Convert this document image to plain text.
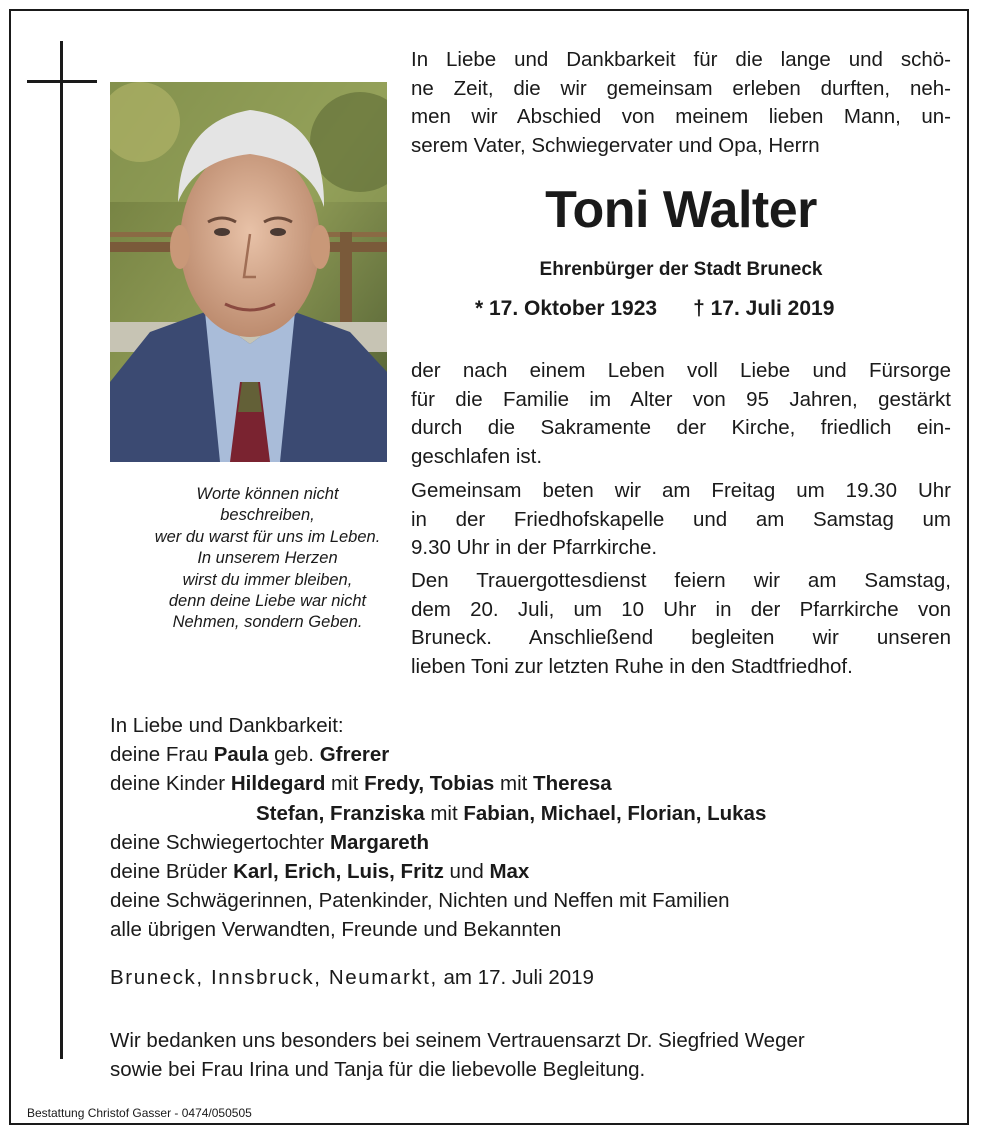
Worte können nicht
beschreiben,
wer du warst für uns im Leben.
In unserem Herzen
wirst du immer bleiben,
denn deine Liebe war nicht
Nehmen, sondern Geben.
In Liebe und Dankbarkeit für die lange und schö-
ne Zeit, die wir gemeinsam erleben durften, neh-
men wir Abschied von meinem lieben Mann, un-
serem Vater, Schwiegervater und Opa, Herrn
Toni Walter
Ehrenbürger der Stadt Bruneck
* 17. Oktober 1923 † 17. Juli 2019
der nach einem Leben voll Liebe und Fürsorge
für die Familie im Alter von 95 Jahren, gestärkt
durch die Sakramente der Kirche, friedlich ein-
geschlafen ist.
Gemeinsam beten wir am Freitag um 19.30 Uhr
in der Friedhofskapelle und am Samstag um
9.30 Uhr in der Pfarrkirche.
Den Trauergottesdienst feiern wir am Samstag,
dem 20. Juli, um 10 Uhr in der Pfarrkirche von
Bruneck. Anschließend begleiten wir unseren
lieben Toni zur letzten Ruhe in den Stadtfriedhof.
In Liebe und Dankbarkeit:
deine Frau Paula geb. Gfrerer
deine Kinder Hildegard mit Fredy, Tobias mit Theresa
Stefan, Franziska mit Fabian, Michael, Florian, Lukas
deine Schwiegertochter Margareth
deine Brüder Karl, Erich, Luis, Fritz und Max
deine Schwägerinnen, Patenkinder, Nichten und Neffen mit Familien
alle übrigen Verwandten, Freunde und Bekannten
Bruneck, Innsbruck, Neumarkt, am 17. Juli 2019
Wir bedanken uns besonders bei seinem Vertrauensarzt Dr. Siegfried Weger
sowie bei Frau Irina und Tanja für die liebevolle Begleitung.
Bestattung Christof Gasser - 0474/050505
